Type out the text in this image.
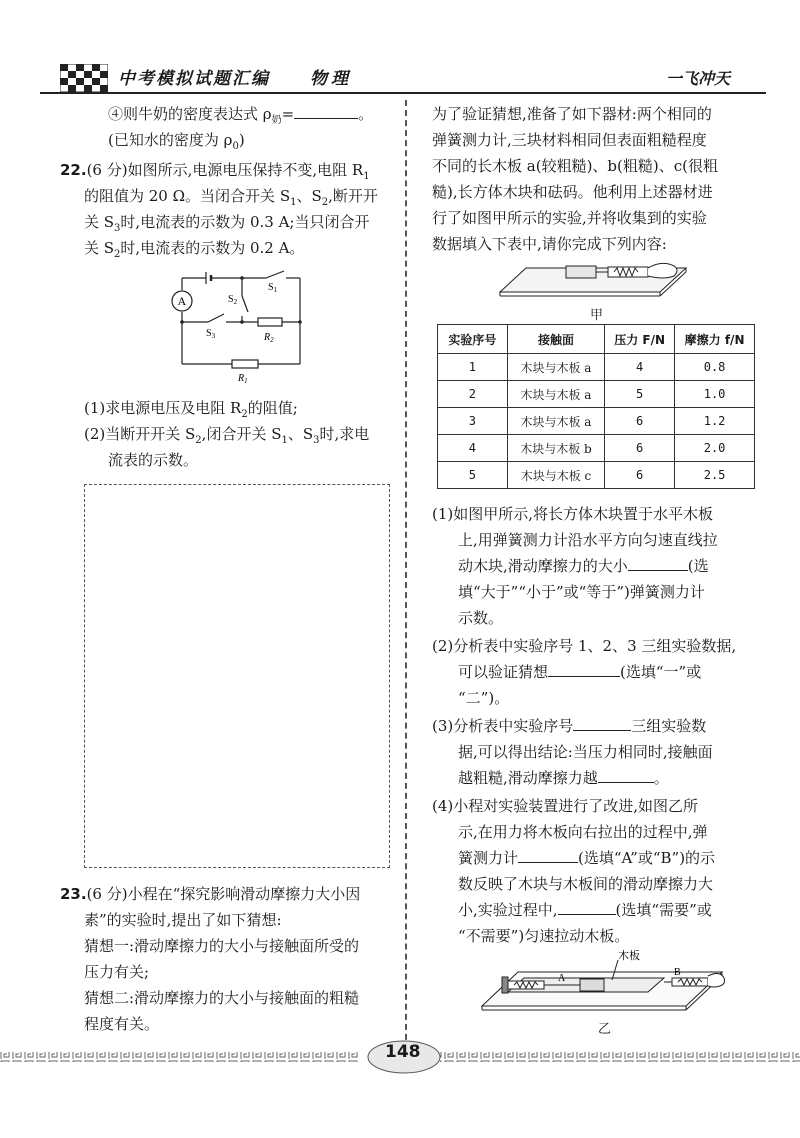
中考模拟试题汇编 物理	一飞冲天
④则牛奶的密度表达式 $\rho_奶=$	。
(已知水的密度为 $\rho_0$)
22.(6 分)如图所示,电源电压保持不变,电阻 $R_1$
的阻值为 20 Ω。当闭合开关 $S_1$、$S_2$,断开开
关 $S_3$时,电流表的示数为 0.3 A;当只闭合开
关 $S_2$时,电流表的示数为 0.2 A。
A
$S_1$
$S_2$
$S_3$	$R_2$
$R_1$
(1)求电源电压及电阻 $R_2$的阻值;
(2)当断开开关 $S_2$,闭合开关 $S_1$、$S_3$时,求电
流表的示数。
23.(6 分)小程在“探究影响滑动摩擦力大小因
素”的实验时,提出了如下猜想:
猜想一:滑动摩擦力的大小与接触面所受的
压力有关;
猜想二:滑动摩擦力的大小与接触面的粗糙
程度有关。
为了验证猜想,准备了如下器材:两个相同的
弹簧测力计,三块材料相同但表面粗糙程度
不同的长木板 a(较粗糙)、b(粗糙)、c(很粗
糙),长方体木块和砝码。他利用上述器材进
行了如图甲所示的实验,并将收集到的实验
数据填入下表中,请你完成下列内容:
甲
实验序号	接触面	压力 F/N	摩擦力 f/N
1	木块与木板 a	4	0.8
2	木块与木板 a	5	1.0
3	木块与木板 a	6	1.2
4	木块与木板 b	6	2.0
5	木块与木板 c	6	2.5
(1)如图甲所示,将长方体木块置于水平木板
上,用弹簧测力计沿水平方向匀速直线拉
动木块,滑动摩擦力的大小	(选
填“大于”“小于”或“等于”)弹簧测力计
示数。
(2)分析表中实验序号 1、2、3 三组实验数据,
可以验证猜想	(选填“一”或
“二”)。
(3)分析表中实验序号	三组实验数
据,可以得出结论:当压力相同时,接触面
越粗糙,滑动摩擦力越	。
(4)小程对实验装置进行了改进,如图乙所
示,在用力将木板向右拉出的过程中,弹
簧测力计	(选填“A”或“B”)的示
数反映了木块与木板间的滑动摩擦力大
小,实验过程中,	(选填“需要”或
“不需要”)匀速拉动木板。
木板
A
B
乙
148
